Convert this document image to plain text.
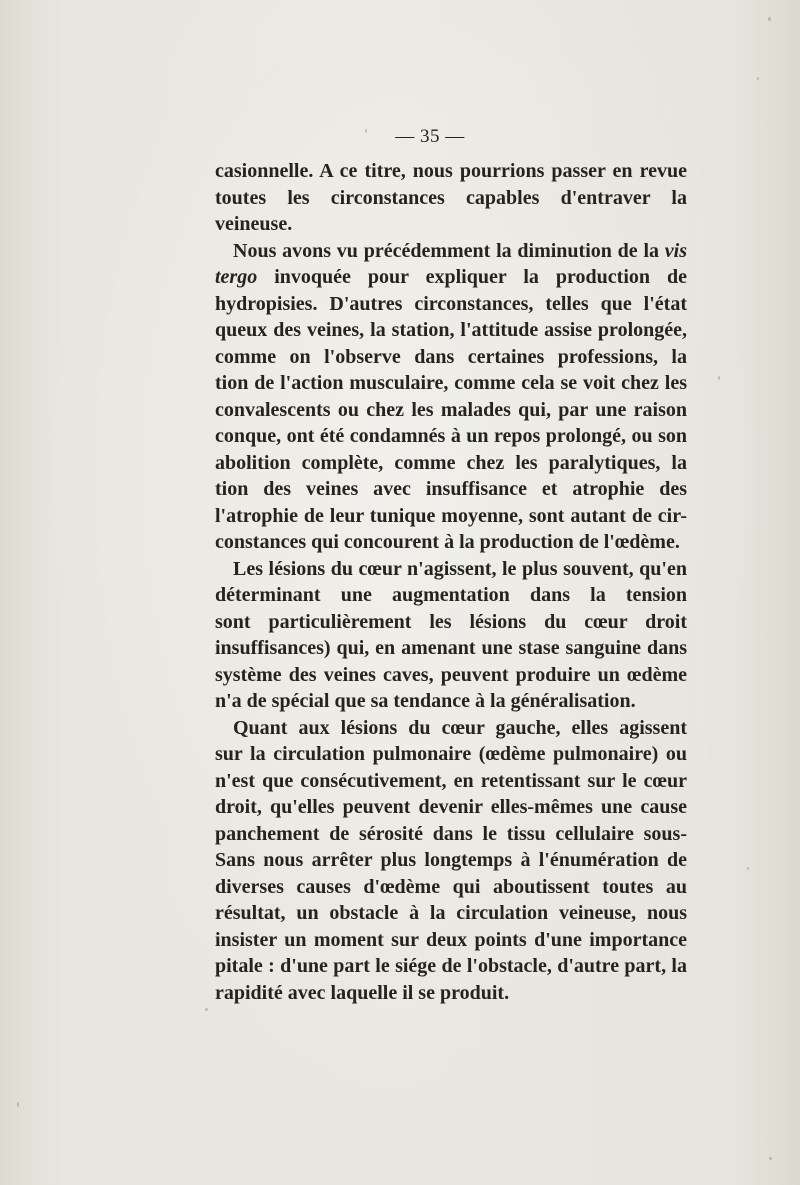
— 35 —
casionnelle. A ce titre, nous pourrions passer en revue
toutes les circonstances capables d'entraver la
veineuse.
Nous avons vu précédemment la diminution de la vis
tergo invoquée pour expliquer la production de
hydropisies. D'autres circonstances, telles que l'état
queux des veines, la station, l'attitude assise prolongée,
comme on l'observe dans certaines professions, la
tion de l'action musculaire, comme cela se voit chez les
convalescents ou chez les malades qui, par une raison
conque, ont été condamnés à un repos prolongé, ou son
abolition complète, comme chez les paralytiques, la
tion des veines avec insuffisance et atrophie des
l'atrophie de leur tunique moyenne, sont autant de cir-
constances qui concourent à la production de l'œdème.
Les lésions du cœur n'agissent, le plus souvent, qu'en
déterminant une augmentation dans la tension
sont particulièrement les lésions du cœur droit
insuffisances) qui, en amenant une stase sanguine dans
système des veines caves, peuvent produire un œdème
n'a de spécial que sa tendance à la généralisation.
Quant aux lésions du cœur gauche, elles agissent
sur la circulation pulmonaire (œdème pulmonaire) ou
n'est que consécutivement, en retentissant sur le cœur
droit, qu'elles peuvent devenir elles-mêmes une cause
panchement de sérosité dans le tissu cellulaire sous-
Sans nous arrêter plus longtemps à l'énumération de
diverses causes d'œdème qui aboutissent toutes au
résultat, un obstacle à la circulation veineuse, nous
insister un moment sur deux points d'une importance
pitale : d'une part le siége de l'obstacle, d'autre part, la
rapidité avec laquelle il se produit.
